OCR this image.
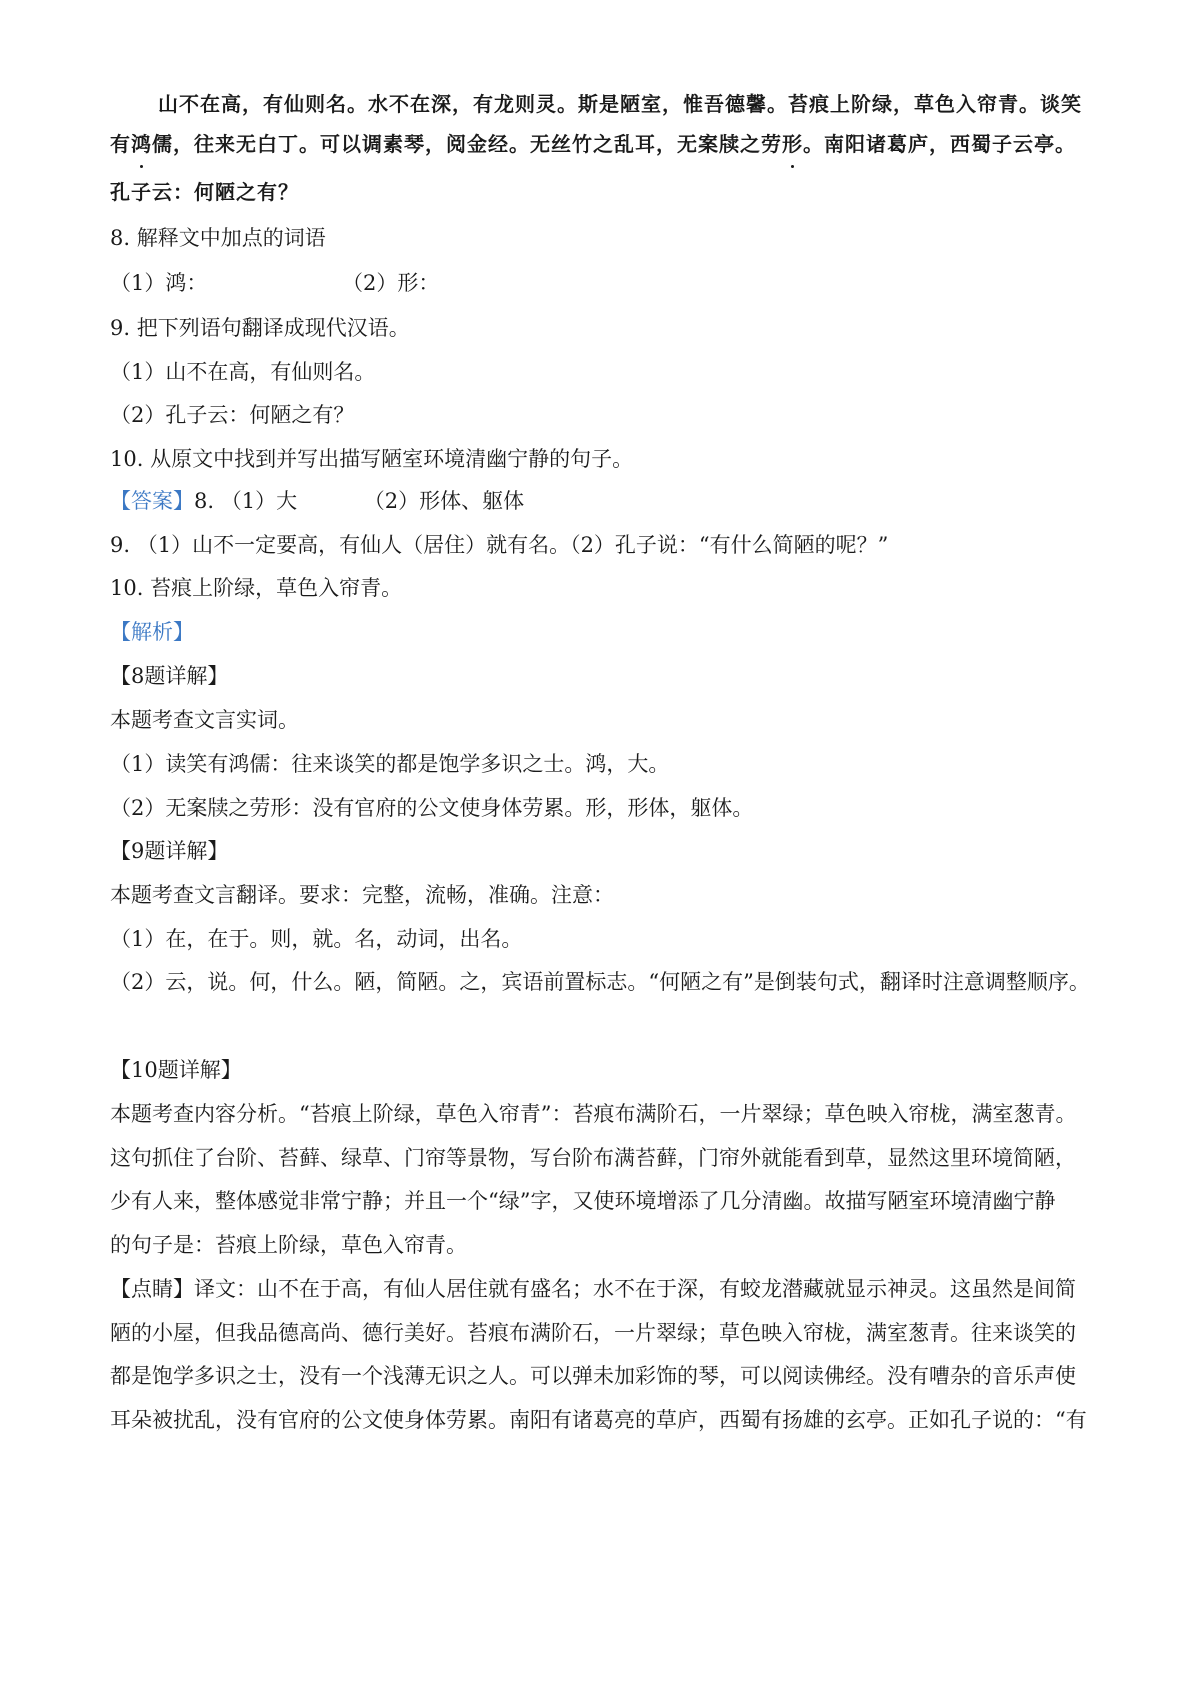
山不在高，有仙则名。水不在深，有龙则灵。斯是陋室，惟吾德馨。苔痕上阶绿，草色入帘青。谈笑
有鸿儒，往来无白丁。可以调素琴，阅金经。无丝竹之乱耳，无案牍之劳形。南阳诸葛庐，西蜀子云亭。
孔子云：何陋之有？
8. 解释文中加点的词语
（1）鸿：	（2）形：
9. 把下列语句翻译成现代汉语。
（1）山不在高，有仙则名。
（2）孔子云：何陋之有？
10. 从原文中找到并写出描写陋室环境清幽宁静的句子。
【答案】8. （1）大	（2）形体、躯体
9. （1）山不一定要高，有仙人（居住）就有名。（2）孔子说：“有什么简陋的呢？”
10. 苔痕上阶绿，草色入帘青。
【解析】
【8题详解】
本题考查文言实词。
（1）读笑有鸿儒：往来谈笑的都是饱学多识之士。鸿，大。
（2）无案牍之劳形：没有官府的公文使身体劳累。形，形体，躯体。
【9题详解】
本题考查文言翻译。要求：完整，流畅，准确。注意：
（1）在，在于。则，就。名，动词，出名。
（2）云，说。何，什么。陋，简陋。之，宾语前置标志。“何陋之有”是倒装句式，翻译时注意调整顺序。
【10题详解】
本题考查内容分析。“苔痕上阶绿，草色入帘青”：苔痕布满阶石，一片翠绿；草色映入帘栊，满室葱青。
这句抓住了台阶、苔藓、绿草、门帘等景物，写台阶布满苔藓，门帘外就能看到草，显然这里环境简陋，
少有人来，整体感觉非常宁静；并且一个“绿”字，又使环境增添了几分清幽。故描写陋室环境清幽宁静
的句子是：苔痕上阶绿，草色入帘青。
【点睛】译文：山不在于高，有仙人居住就有盛名；水不在于深，有蛟龙潜藏就显示神灵。这虽然是间简
陋的小屋，但我品德高尚、德行美好。苔痕布满阶石，一片翠绿；草色映入帘栊，满室葱青。往来谈笑的
都是饱学多识之士，没有一个浅薄无识之人。可以弹未加彩饰的琴，可以阅读佛经。没有嘈杂的音乐声使
耳朵被扰乱，没有官府的公文使身体劳累。南阳有诸葛亮的草庐，西蜀有扬雄的玄亭。正如孔子说的：“有
